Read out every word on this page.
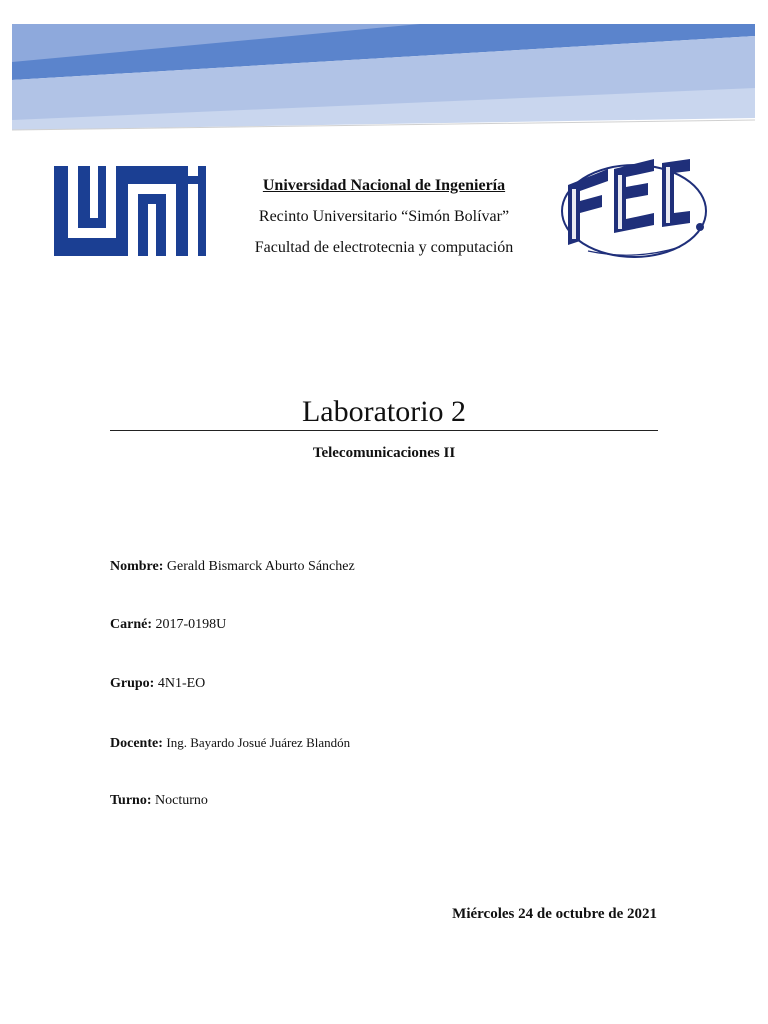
Universidad Nacional de Ingeniería
Recinto Universitario “Simón Bolívar”
Facultad de electrotecnia y computación
Laboratorio 2
Telecomunicaciones II
Nombre: Gerald Bismarck Aburto Sánchez
Carné: 2017-0198U
Grupo: 4N1-EO
Docente: Ing. Bayardo Josué Juárez Blandón
Turno: Nocturno
Miércoles 24 de octubre de 2021
